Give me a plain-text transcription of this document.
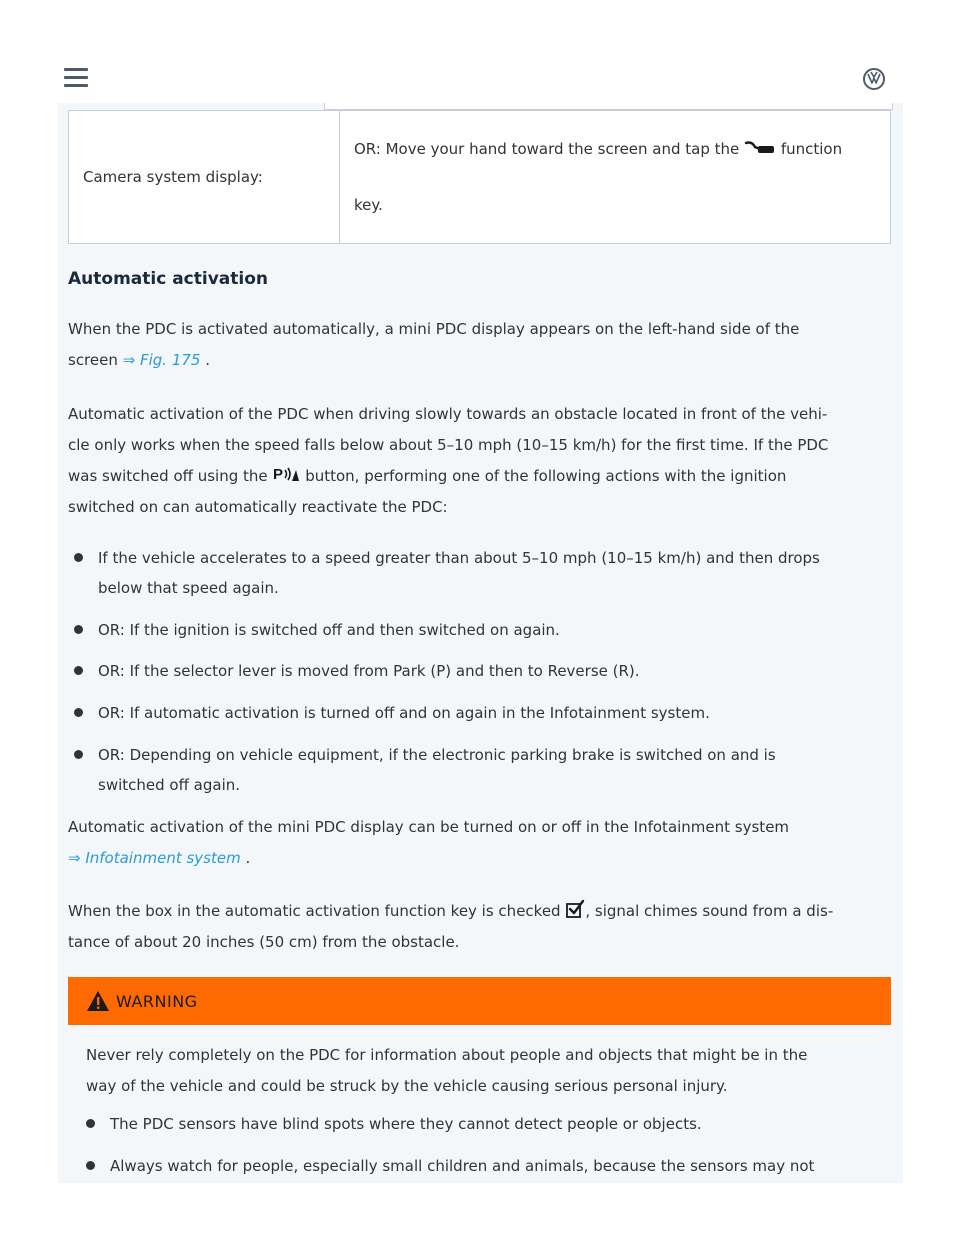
Camera system display:	
OR: Move your hand toward the screen and tap the	function
key.
Automatic activation

When the PDC is activated automatically, a mini PDC display appears on the left-hand side of the
screen ⇒ Fig. 175 .

Automatic activation of the PDC when driving slowly towards an obstacle located in front of the vehi-
cle only works when the speed falls below about 5–10 mph (10–15 km/h) for the first time. If the PDC
was switched off using the P button, performing one of the following actions with the ignition
switched on can automatically reactivate the PDC:

If the vehicle accelerates to a speed greater than about 5–10 mph (10–15 km/h) and then drops
below that speed again.

OR: If the ignition is switched off and then switched on again.

OR: If the selector lever is moved from Park (P) and then to Reverse (R).

OR: If automatic activation is turned off and on again in the Infotainment system.

OR: Depending on vehicle equipment, if the electronic parking brake is switched on and is
switched off again.

Automatic activation of the mini PDC display can be turned on or off in the Infotainment system
⇒ Infotainment system .

When the box in the automatic activation function key is checked , signal chimes sound from a dis-
tance of about 20 inches (50 cm) from the obstacle.

WARNING

Never rely completely on the PDC for information about people and objects that might be in the
way of the vehicle and could be struck by the vehicle causing serious personal injury.

The PDC sensors have blind spots where they cannot detect people or objects.

Always watch for people, especially small children and animals, because the sensors may not
